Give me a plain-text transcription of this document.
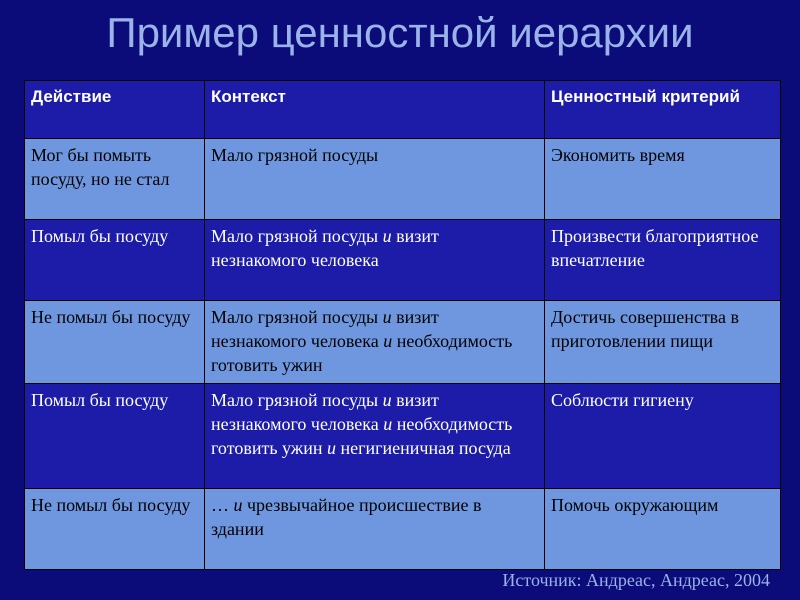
Пример ценностной иерархии
Действие	Контекст	Ценностный критерий
Мог бы помыть посуду, но не стал	Мало грязной посуды	Экономить время
Помыл бы посуду	Мало грязной посуды и визит незнакомого человека	Произвести благоприятное впечатление
Не помыл бы посуду	Мало грязной посуды и визит незнакомого человека и необходимость готовить ужин	Достичь совершенства в приготовлении пищи
Помыл бы посуду	Мало грязной посуды и визит незнакомого человека и необходимость готовить ужин и негигиеничная посуда	Соблюсти гигиену
Не помыл бы посуду	… и чрезвычайное происшествие в здании	Помочь окружающим
Источник: Андреас, Андреас, 2004
